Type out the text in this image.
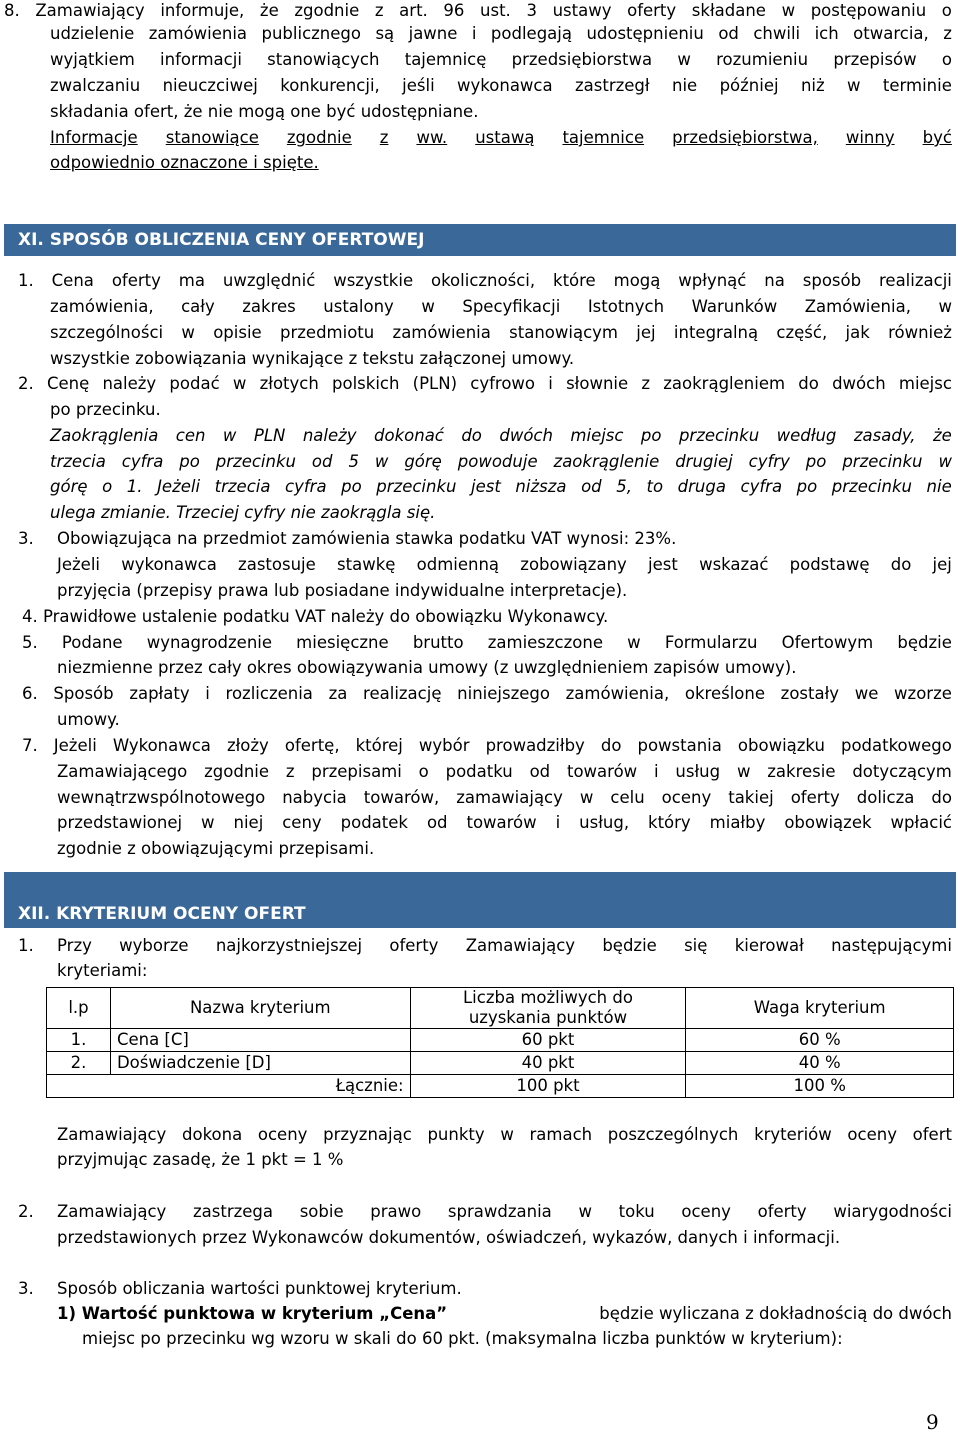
8. Zamawiający informuje, że zgodnie z art. 96 ust. 3 ustawy oferty składane w postępowaniu o
udzielenie zamówienia publicznego są jawne i podlegają udostępnieniu od chwili ich otwarcia, z
wyjątkiem informacji stanowiących tajemnicę przedsiębiorstwa w rozumieniu przepisów o
zwalczaniu nieuczciwej konkurencji, jeśli wykonawca zastrzegł nie później niż w terminie
składania ofert, że nie mogą one być udostępniane.
Informacje stanowiące zgodnie z ww. ustawą tajemnice przedsiębiorstwa, winny być
odpowiednio oznaczone i spięte.
XI. SPOSÓB OBLICZENIA CENY OFERTOWEJ
1. Cena oferty ma uwzględnić wszystkie okoliczności, które mogą wpłynąć na sposób realizacji
zamówienia, cały zakres ustalony w Specyfikacji Istotnych Warunków Zamówienia, w
szczególności w opisie przedmiotu zamówienia stanowiącym jej integralną część, jak również
wszystkie zobowiązania wynikające z tekstu załączonej umowy.
2. Cenę należy podać w złotych polskich (PLN) cyfrowo i słownie z zaokrągleniem do dwóch miejsc
po przecinku.
Zaokrąglenia cen w PLN należy dokonać do dwóch miejsc po przecinku według zasady, że
trzecia cyfra po przecinku od 5 w górę powoduje zaokrąglenie drugiej cyfry po przecinku w
górę o 1. Jeżeli trzecia cyfra po przecinku jest niższa od 5, to druga cyfra po przecinku nie
ulega zmianie. Trzeciej cyfry nie zaokrągla się.
3. Obowiązująca na przedmiot zamówienia stawka podatku VAT wynosi: 23%.
Jeżeli wykonawca zastosuje stawkę odmienną zobowiązany jest wskazać podstawę do jej
przyjęcia (przepisy prawa lub posiadane indywidualne interpretacje).
4. Prawidłowe ustalenie podatku VAT należy do obowiązku Wykonawcy.
5. Podane wynagrodzenie miesięczne brutto zamieszczone w Formularzu Ofertowym będzie
niezmienne przez cały okres obowiązywania umowy (z uwzględnieniem zapisów umowy).
6. Sposób zapłaty i rozliczenia za realizację niniejszego zamówienia, określone zostały we wzorze
umowy.
7. Jeżeli Wykonawca złoży ofertę, której wybór prowadziłby do powstania obowiązku podatkowego
Zamawiającego zgodnie z przepisami o podatku od towarów i usług w zakresie dotyczącym
wewnątrzwspólnotowego nabycia towarów, zamawiający w celu oceny takiej oferty dolicza do
przedstawionej w niej ceny podatek od towarów i usług, który miałby obowiązek wpłacić
zgodnie z obowiązującymi przepisami.
XII. KRYTERIUM OCENY OFERT
1. Przy wyborze najkorzystniejszej oferty Zamawiający będzie się kierował następującymi
kryteriami:
l.p	Nazwa kryterium	Liczba możliwych do uzyskania punktów	Waga kryterium
1.	Cena [C]	60 pkt	60 %
2.	Doświadczenie [D]	40 pkt	40 %
Łącznie:		100 pkt	100 %
Zamawiający dokona oceny przyznając punkty w ramach poszczególnych kryteriów oceny ofert
przyjmując zasadę, że 1 pkt = 1 %
2. Zamawiający zastrzega sobie prawo sprawdzania w toku oceny oferty wiarygodności
przedstawionych przez Wykonawców dokumentów, oświadczeń, wykazów, danych i informacji.
3. Sposób obliczania wartości punktowej kryterium.
1) Wartość punktowa w kryterium „Cena”	będzie wyliczana z dokładnością do dwóch
miejsc po przecinku wg wzoru w skali do 60 pkt. (maksymalna liczba punktów w kryterium):
9
